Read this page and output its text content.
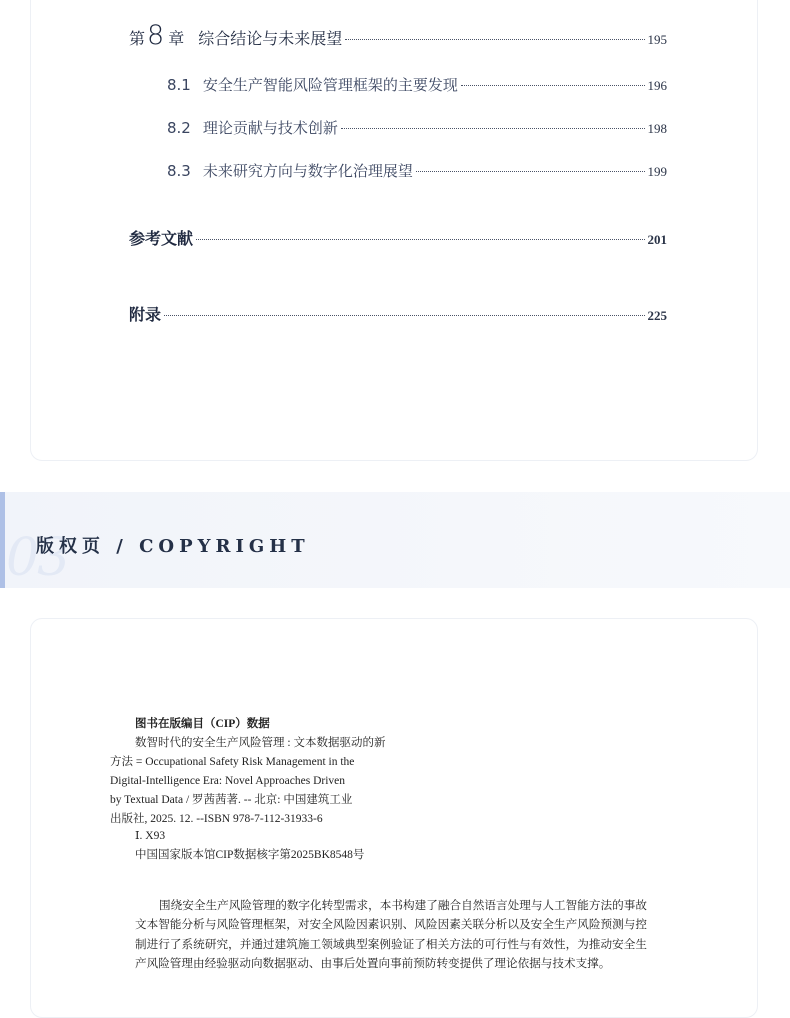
第 8 章 综合结论与未来展望	195
8.1 安全生产智能风险管理框架的主要发现	196
8.2 理论贡献与技术创新	198
8.3 未来研究方向与数字化治理展望	199
参考文献	201
附录	225
03
版权页 / COPYRIGHT
图书在版编目（CIP）数据
数智时代的安全生产风险管理 : 文本数据驱动的新
方法 = Occupational Safety Risk Management in the
Digital-Intelligence Era: Novel Approaches Driven
by Textual Data / 罗茜茜著. -- 北京: 中国建筑工业
出版社, 2025. 12. --ISBN 978-7-112-31933-6
Ⅰ. X93
中国国家版本馆CIP数据核字第2025BK8548号
围绕安全生产风险管理的数字化转型需求，本书构建了融合自然语言处理与人工智能方法的事故文本智能分析与风险管理框架，对安全风险因素识别、风险因素关联分析以及安全生产风险预测与控制进行了系统研究，并通过建筑施工领域典型案例验证了相关方法的可行性与有效性，为推动安全生产风险管理由经验驱动向数据驱动、由事后处置向事前预防转变提供了理论依据与技术支撑。
